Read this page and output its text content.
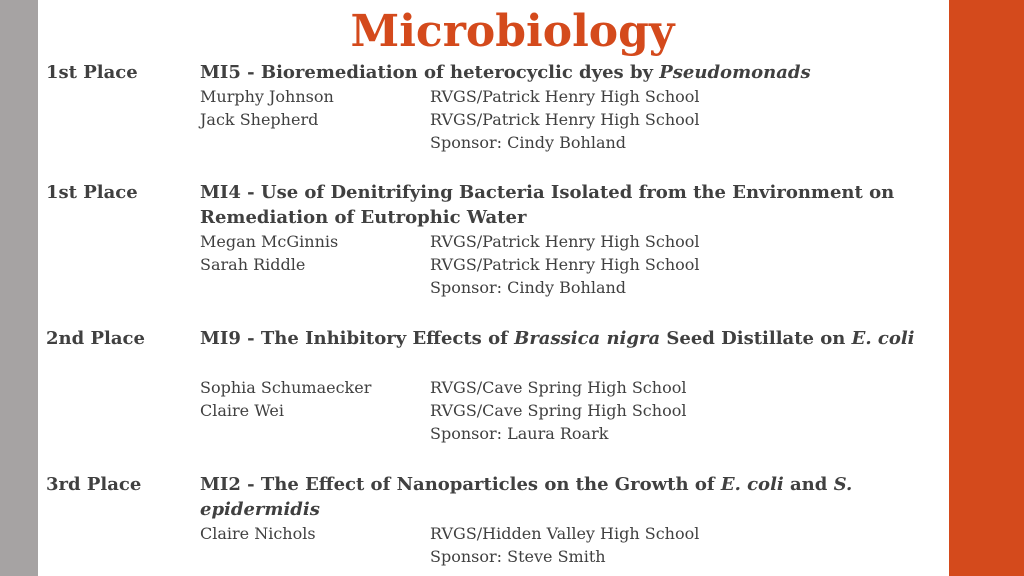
Microbiology
1st Place	MI5 - Bioremediation of heterocyclic dyes by Pseudomonads
Murphy Johnson	RVGS/Patrick Henry High School
Jack Shepherd	RVGS/Patrick Henry High School
Sponsor: Cindy Bohland
1st Place	MI4 - Use of Denitrifying Bacteria Isolated from the Environment on Remediation of Eutrophic Water
Megan McGinnis	RVGS/Patrick Henry High School
Sarah Riddle	RVGS/Patrick Henry High School
Sponsor: Cindy Bohland
2nd Place	MI9 - The Inhibitory Effects of Brassica nigra Seed Distillate on E. coli
Sophia Schumaecker	RVGS/Cave Spring High School
Claire Wei	RVGS/Cave Spring High School
Sponsor: Laura Roark
3rd Place	MI2 - The Effect of Nanoparticles on the Growth of E. coli and S. epidermidis
Claire Nichols	RVGS/Hidden Valley High School
Sponsor: Steve Smith
